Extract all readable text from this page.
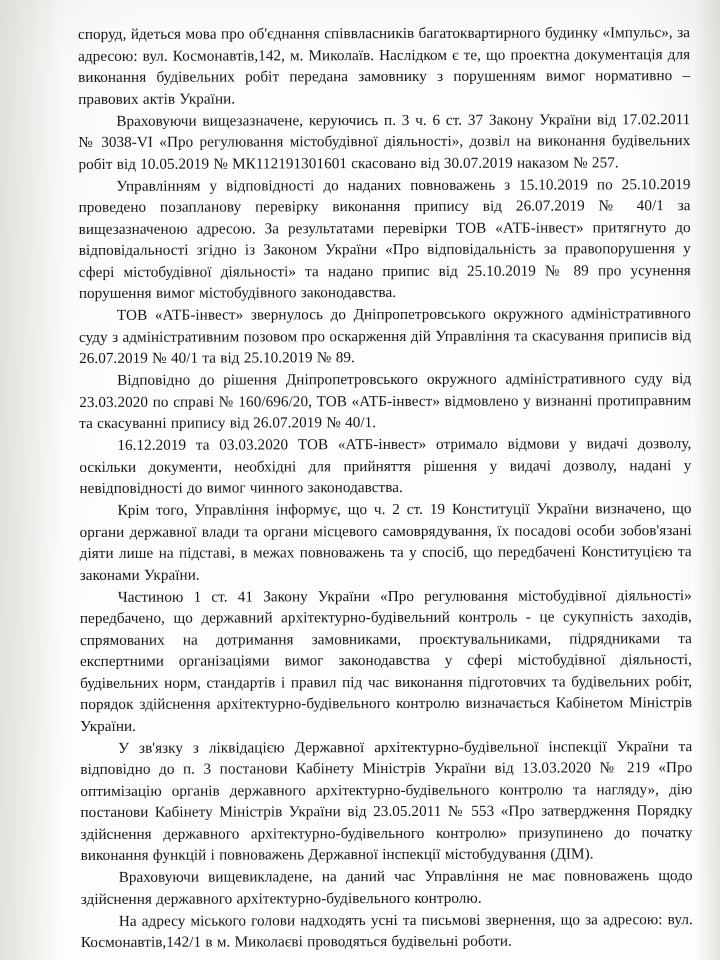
споруд, йдеться мова про об'єднання співвласників багатоквартирного будинку «Імпульс», за адресою: вул. Космонавтів,142, м. Миколаїв. Наслідком є те, що проектна документація для виконання будівельних робіт передана замовнику з порушенням вимог нормативно – правових актів України.

Враховуючи вищезазначене, керуючись п. 3 ч. 6 ст. 37 Закону України від 17.02.2011 № 3038-VI «Про регулювання містобудівної діяльності», дозвіл на виконання будівельних робіт від 10.05.2019 № МК112191301601 скасовано від 30.07.2019 наказом № 257.

Управлінням у відповідності до наданих повноважень з 15.10.2019 по 25.10.2019 проведено позапланову перевірку виконання припису від 26.07.2019 № 40/1 за вищезазначеною адресою. За результатами перевірки ТОВ «АТБ-інвест» притягнуто до відповідальності згідно із Законом України «Про відповідальність за правопорушення у сфері містобудівної діяльності» та надано припис від 25.10.2019 № 89 про усунення порушення вимог містобудівного законодавства.

ТОВ «АТБ-інвест» звернулось до Дніпропетровського окружного адміністративного суду з адміністративним позовом про оскарження дій Управління та скасування приписів від 26.07.2019 № 40/1 та від 25.10.2019 № 89.

Відповідно до рішення Дніпропетровського окружного адміністративного суду від 23.03.2020 по справі № 160/696/20, ТОВ «АТБ-інвест» відмовлено у визнанні протиправним та скасуванні припису від 26.07.2019 № 40/1.

16.12.2019 та 03.03.2020 ТОВ «АТБ-інвест» отримало відмови у видачі дозволу, оскільки документи, необхідні для прийняття рішення у видачі дозволу, надані у невідповідності до вимог чинного законодавства.

Крім того, Управління інформує, що ч. 2 ст. 19 Конституції України визначено, що органи державної влади та органи місцевого самоврядування, їх посадові особи зобов'язані діяти лише на підставі, в межах повноважень та у спосіб, що передбачені Конституцією та законами України.

Частиною 1 ст. 41 Закону України «Про регулювання містобудівної діяльності» передбачено, що державний архітектурно-будівельний контроль - це сукупність заходів, спрямованих на дотримання замовниками, проєктувальниками, підрядниками та експертними організаціями вимог законодавства у сфері містобудівної діяльності, будівельних норм, стандартів і правил під час виконання підготовчих та будівельних робіт, порядок здійснення архітектурно-будівельного контролю визначається Кабінетом Міністрів України.

У зв'язку з ліквідацією Державної архітектурно-будівельної інспекції України та відповідно до п. 3 постанови Кабінету Міністрів України від 13.03.2020 № 219 «Про оптимізацію органів державного архітектурно-будівельного контролю та нагляду», дію постанови Кабінету Міністрів України від 23.05.2011 № 553 «Про затвердження Порядку здійснення державного архітектурно-будівельного контролю» призупинено до початку виконання функцій і повноважень Державної інспекції містобудування (ДІМ).

Враховуючи вищевикладене, на даний час Управління не має повноважень щодо здійснення державного архітектурно-будівельного контролю.

На адресу міського голови надходять усні та письмові звернення, що за адресою: вул. Космонавтів,142/1 в м. Миколаєві проводяться будівельні роботи.
